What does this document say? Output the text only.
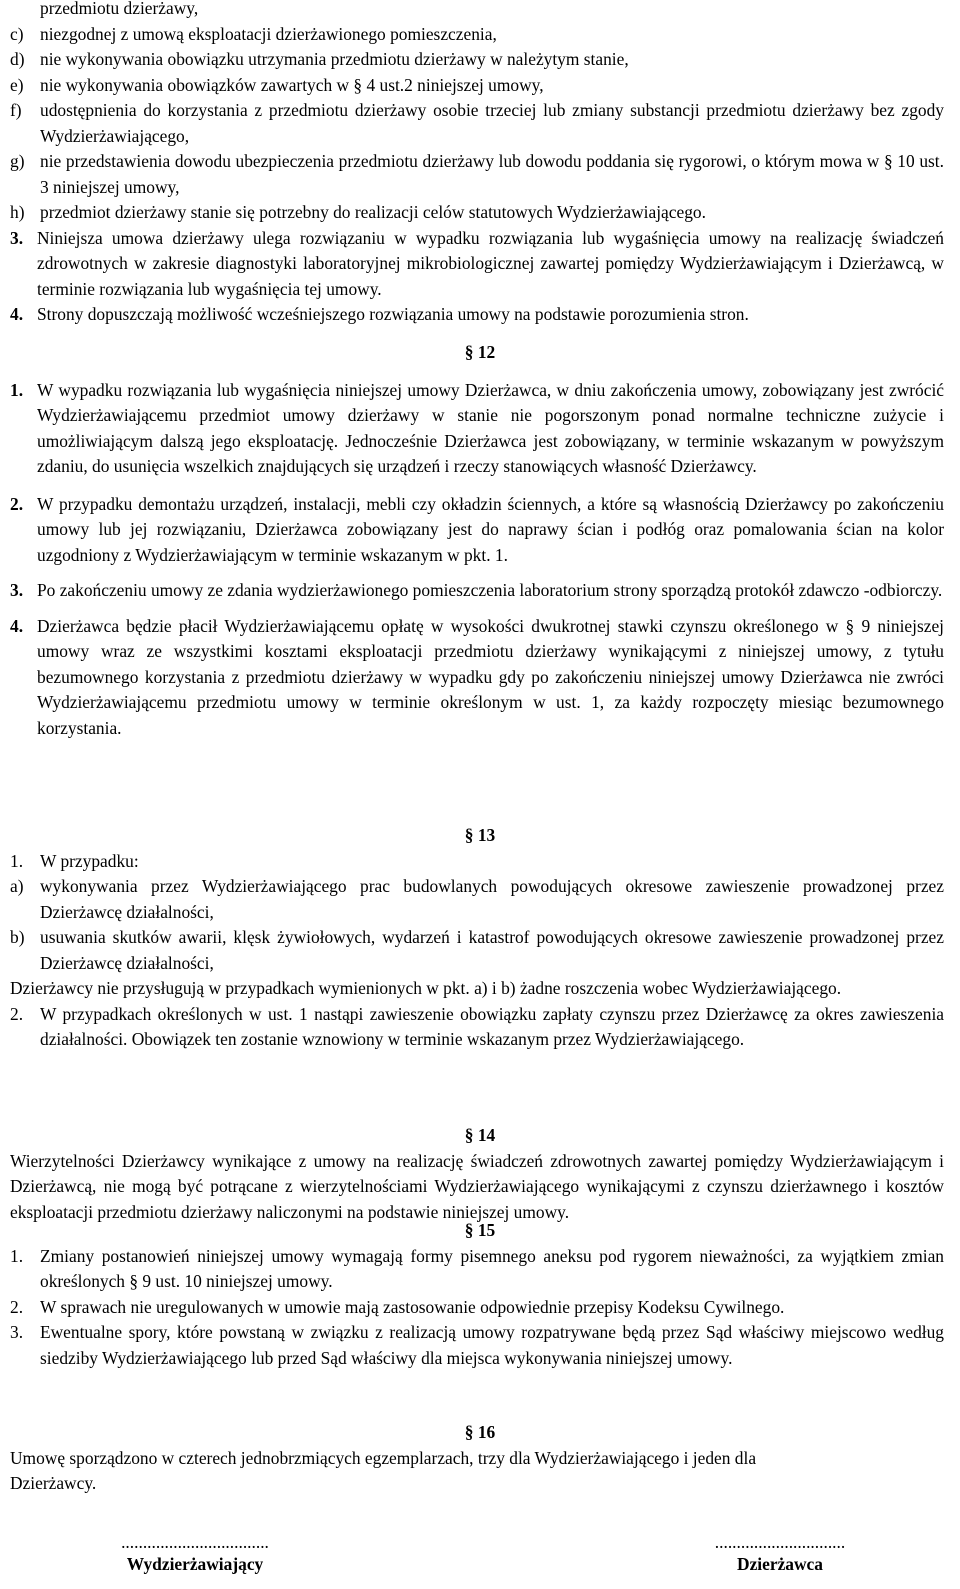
przedmiotu dzierżawy,
c) niezgodnej z umową eksploatacji dzierżawionego pomieszczenia,
d) nie wykonywania obowiązku utrzymania przedmiotu dzierżawy w należytym stanie,
e) nie wykonywania obowiązków zawartych w § 4 ust.2 niniejszej umowy,
f)	udostępnienia do korzystania z przedmiotu dzierżawy osobie trzeciej lub zmiany substancji przedmiotu dzierżawy bez zgody Wydzierżawiającego,
g) nie przedstawienia dowodu ubezpieczenia przedmiotu dzierżawy lub dowodu poddania się rygorowi, o którym mowa w § 10 ust. 3 niniejszej umowy,
h) przedmiot dzierżawy stanie się potrzebny do realizacji celów statutowych Wydzierżawiającego.
3. Niniejsza umowa dzierżawy ulega rozwiązaniu w wypadku rozwiązania lub wygaśnięcia umowy na realizację świadczeń zdrowotnych w zakresie diagnostyki laboratoryjnej mikrobiologicznej zawartej pomiędzy Wydzierżawiającym i Dzierżawcą, w terminie rozwiązania lub wygaśnięcia tej umowy.
4. Strony dopuszczają możliwość wcześniejszego rozwiązania umowy na podstawie porozumienia stron.
§ 12
1. W wypadku rozwiązania lub wygaśnięcia niniejszej umowy Dzierżawca, w dniu zakończenia umowy, zobowiązany jest zwrócić Wydzierżawiającemu przedmiot umowy dzierżawy w stanie nie pogorszonym ponad normalne techniczne zużycie i umożliwiającym dalszą jego eksploatację. Jednocześnie Dzierżawca jest zobowiązany, w terminie wskazanym w powyższym zdaniu, do usunięcia wszelkich znajdujących się urządzeń i rzeczy stanowiących własność Dzierżawcy.
2. W przypadku demontażu urządzeń, instalacji, mebli czy okładzin ściennych, a które są własnością Dzierżawcy po zakończeniu umowy lub jej rozwiązaniu, Dzierżawca zobowiązany jest do naprawy ścian i podłóg oraz pomalowania ścian na kolor uzgodniony z Wydzierżawiającym w terminie wskazanym w pkt. 1.
3. Po zakończeniu umowy ze zdania wydzierżawionego pomieszczenia laboratorium strony sporządzą protokół zdawczo -odbiorczy.
4. Dzierżawca będzie płacił Wydzierżawiającemu opłatę w wysokości dwukrotnej stawki czynszu określonego w § 9 niniejszej umowy wraz ze wszystkimi kosztami eksploatacji przedmiotu dzierżawy wynikającymi z niniejszej umowy, z tytułu bezumownego korzystania z przedmiotu dzierżawy w wypadku gdy po zakończeniu niniejszej umowy Dzierżawca nie zwróci Wydzierżawiającemu przedmiotu umowy w terminie określonym w ust. 1, za każdy rozpoczęty miesiąc bezumownego korzystania.
§ 13
1. W przypadku:
a) wykonywania przez Wydzierżawiającego prac budowlanych powodujących okresowe zawieszenie prowadzonej przez Dzierżawcę działalności,
b) usuwania skutków awarii, klęsk żywiołowych, wydarzeń i katastrof powodujących okresowe zawieszenie prowadzonej przez Dzierżawcę działalności,
Dzierżawcy nie przysługują w przypadkach wymienionych w pkt. a) i b) żadne roszczenia wobec Wydzierżawiającego.
2. W przypadkach określonych w ust. 1 nastąpi zawieszenie obowiązku zapłaty czynszu przez Dzierżawcę za okres zawieszenia działalności. Obowiązek ten zostanie wznowiony w terminie wskazanym przez Wydzierżawiającego.
§ 14
Wierzytelności Dzierżawcy wynikające z umowy na realizację świadczeń zdrowotnych zawartej pomiędzy Wydzierżawiającym i Dzierżawcą, nie mogą być potrącane z wierzytelnościami Wydzierżawiającego wynikającymi z czynszu dzierżawnego i kosztów eksploatacji przedmiotu dzierżawy naliczonymi na podstawie niniejszej umowy.
§ 15
1. Zmiany postanowień niniejszej umowy wymagają formy pisemnego aneksu pod rygorem nieważności, za wyjątkiem zmian określonych § 9 ust. 10 niniejszej umowy.
2. W sprawach nie uregulowanych w umowie mają zastosowanie odpowiednie przepisy Kodeksu Cywilnego.
3. Ewentualne spory, które powstaną w związku z realizacją umowy rozpatrywane będą przez Sąd właściwy miejscowo według siedziby Wydzierżawiającego lub przed Sąd właściwy dla miejsca wykonywania niniejszej umowy.
§ 16
Umowę sporządzono w czterech jednobrzmiących egzemplarzach, trzy dla Wydzierżawiającego i jeden dla
Dzierżawcy.
..................................
Wydzierżawiający
..............................
Dzierżawca
